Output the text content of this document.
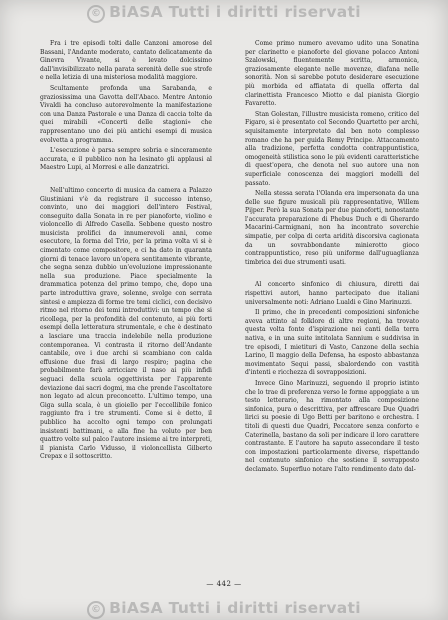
© BiASA Tutti i diritti riservati

Fra i tre episodi tolti dalle Canzoni amorose del Bassani, l'Andante moderato, cantato delicatamente da Ginevra Vivante, si è levato dolcissimo dall'invisibilizzato nella parata serenità delle sue strofe e nella letizia di una misteriosa modalità maggiore.

Scultamente profonda una Sarabanda, e graziosissima una Gavotta dell'Abaco. Mentre Antonio Vivaldi ha concluso autorevolmente la manifestazione con una Danza Pastorale e una Danza di caccia tolte da quei mirabili «Concerti delle stagioni» che rappresentano uno dei più antichi esempi di musica evolvetta a programma.

L'esecuzione è parsa sempre sobria e sinceramente accurata, e il pubblico non ha lesinato gli applausi al Maestro Lupi, al Morresi e alle danzatrici.

Nell'ultimo concerto di musica da camera a Palazzo Giustiniani v'è da registrare il successo intenso, convinto, uno dei maggiori dell'intero Festival, conseguito dalla Sonata in re per pianoforte, violino e violoncello di Alfredo Casella. Sebbene questo nostro musicista prolifici da innumerevoli anni, come esecutore, la forma del Trio, per la prima volta vi si è cimentato come compositore, e ci ha dato in quaranta giorni di tenace lavoro un'opera sentitamente vibrante, che segna senza dubbio un'evoluzione impressionante nella sua produzione. Piace specialmente la drammatica potenza del primo tempo, che, dopo una parte introduttiva grave, solenne, svolge con serrata sintesi e ampiezza di forme tre temi ciclici, con decisivo ritmo nel ritorno dei temi introduttivi: un tempo che si ricollega, per la profondità del contenuto, ai più forti esempi della letteratura strumentale, e che è destinato a lasciare una traccia indelebile nella produzione contemporanea. Vi contrasta il ritorno dell'Andante cantabile, ove i due archi si scambiano con calda effusione due frasi di largo respiro; pagina che probabilmente farà arricciare il naso ai più infidi seguaci della scuola oggettivista per l'apparente deviazione dai sacri dogmi, ma che prende l'ascoltatore non legato ad alcun preconcetto. L'ultimo tempo, una Giga sulla scala, è un gioiello per l'eccellibile fonico raggiunto fra i tre strumenti. Come si è detto, il pubblico ha accolto ogni tempo con prolungati insistenti battimani, e alla fine ha voluto per ben quattro volte sul palco l'autore insieme ai tre interpreti, il pianista Carlo Vidusso, il violoncellista Gilberto Crepax e il sottoscritto.

Come primo numero avevamo udito una Sonatina per clarinetto e pianoforte del giovane polacco Antoni Szalowski, fluentemente scritta, armonica, graziosamente elegante nelle movenze, diafana nelle sonorità. Non si sarebbe potuto desiderare esecuzione più morbida ed affiatata di quella offerta dal clarinettista Francesco Miotto e dal pianista Giorgio Favaretto.

Stan Golestan, l'illustre musicista romeno, critico del Figaro, si è presentato col Secondo Quartetto per archi, squisitamente interpretato dal ben noto complesso romano che ha per guida Remy Principe. Attaccamento alla tradizione, perfetta condotta contrappuntistica, omogeneità stilistica sono le più evidenti caratteristiche di quest'opera, che denota nel suo autore una non superficiale conoscenza dei maggiori modelli del passato.

Nella stessa serata l'Olanda era impersonata da una delle sue figure musicali più rappresentative, Willem Pijper. Però la sua Sonata per due pianoforti, nonostante l'accurata preparazione di Phebus Duch e di Gherardo Macarini-Carmignani, non ha incontrato soverchie simpatie, per colpa di certa aridità discorsiva cagionata da un sovrabbondante minierotto gioco contrappuntistico, reso più uniforme dall'uguaglianza timbrica dei due strumenti usati.

Al concerto sinfonico di chiusura, diretti dai rispettivi autori, hanno partecipato due italiani universalmente noti: Adriano Lualdi e Gino Marinuzzi.

Il primo, che in precedenti composizioni sinfoniche aveva attinto al folklore di altre regioni, ha trovato questa volta fonte d'ispirazione nei canti della terra nativa, e in una suite intitolata Sannium e suddivisa in tre episodi, I mietituri di Vasto, Canzone della sechia Larino, Il maggio della Defensa, ha esposto abbastanza movimentato Sequi passi, sbalordendo con vastità d'intenti e ricchezza di sovrapposizioni.

Invece Gino Marinuzzi, seguendo il proprio istinto che lo trae di preferenza verso le forme appoggiate a un testo letterario, ha rimontato alla composizione sinfonica, pura o descrittiva, per affrescare Due Quadri lirici su poesie di Ugo Betti per baritono e orchestra. I titoli di questi due Quadri, Peccatore senza conforto e Caterinella, bastano da soli per indicare il loro carattere contrastante. E l'autore ha saputo assecondare il testo con impostazioni particolarmente diverse, rispettando nel contenuto sinfonico che sostiene il sovrapposto declamato. Superfluo notare l'alto rendimento dato dal-

— 442 —
© BiASA Tutti i diritti riservati
